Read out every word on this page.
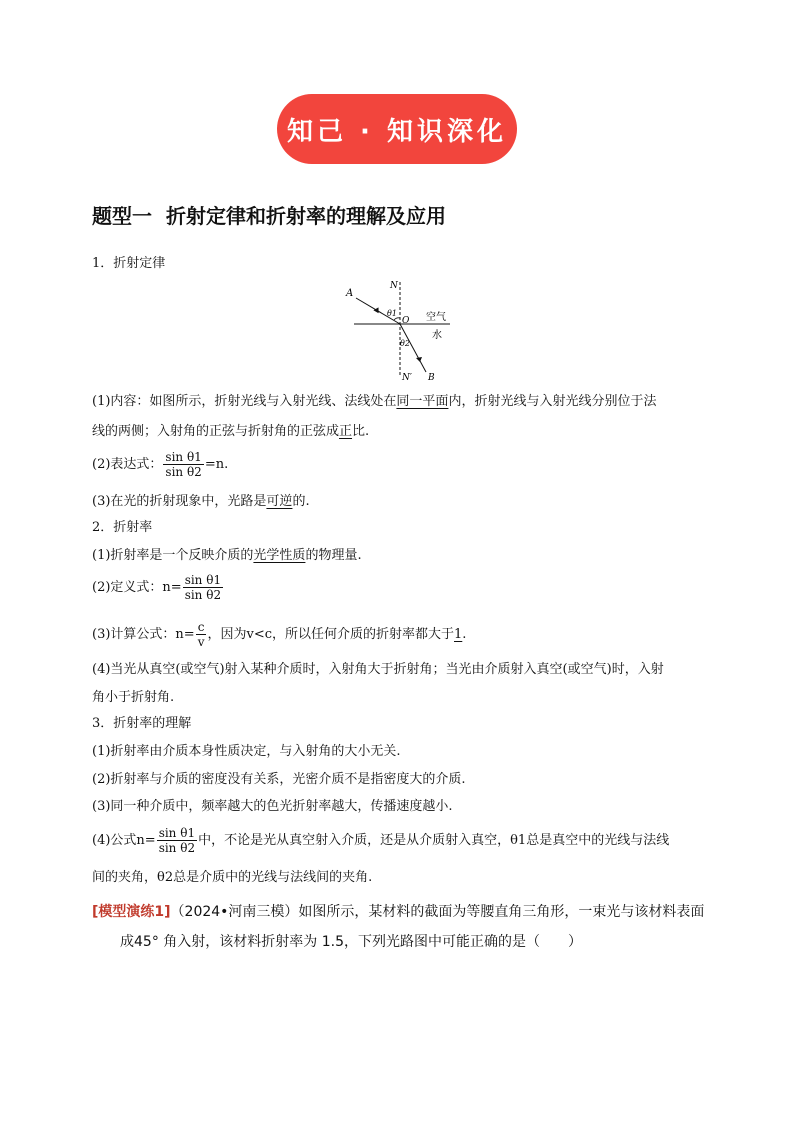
知己 · 知识深化
题型一 折射定律和折射率的理解及应用
1．折射定律
A
N
θ1
O 空气
水
θ2
N′ B
(1)内容：如图所示，折射光线与入射光线、法线处在同一平面内，折射光线与入射光线分别位于法
线的两侧；入射角的正弦与折射角的正弦成正比.
(2)表达式： $\frac{\text{sin θ1}}{\text{sin θ2}} =n$.
(3)在光的折射现象中，光路是可逆的.
2．折射率
(1)折射率是一个反映介质的光学性质的物理量.
(2)定义式：$n= \frac{\text{sin θ1}}{\text{sin θ2}}$
(3)计算公式：$n= \frac{c}{v}$ ，因为v<c，所以任何介质的折射率都大于1.
(4)当光从真空(或空气)射入某种介质时，入射角大于折射角；当光由介质射入真空(或空气)时，入射
角小于折射角.
3．折射率的理解
(1)折射率由介质本身性质决定，与入射角的大小无关.
(2)折射率与介质的密度没有关系，光密介质不是指密度大的介质.
(3)同一种介质中，频率越大的色光折射率越大，传播速度越小.
(4)公式$n= \frac{\text{sin θ1}}{\text{sin θ2}}$ 中，不论是光从真空射入介质，还是从介质射入真空，θ1总是真空中的光线与法线
间的夹角，θ2总是介质中的光线与法线间的夹角.
[模型演练1]（2024•河南三模）如图所示，某材料的截面为等腰直角三角形，一束光与该材料表面
成45° 角入射，该材料折射率为 1.5，下列光路图中可能正确的是（　　）
